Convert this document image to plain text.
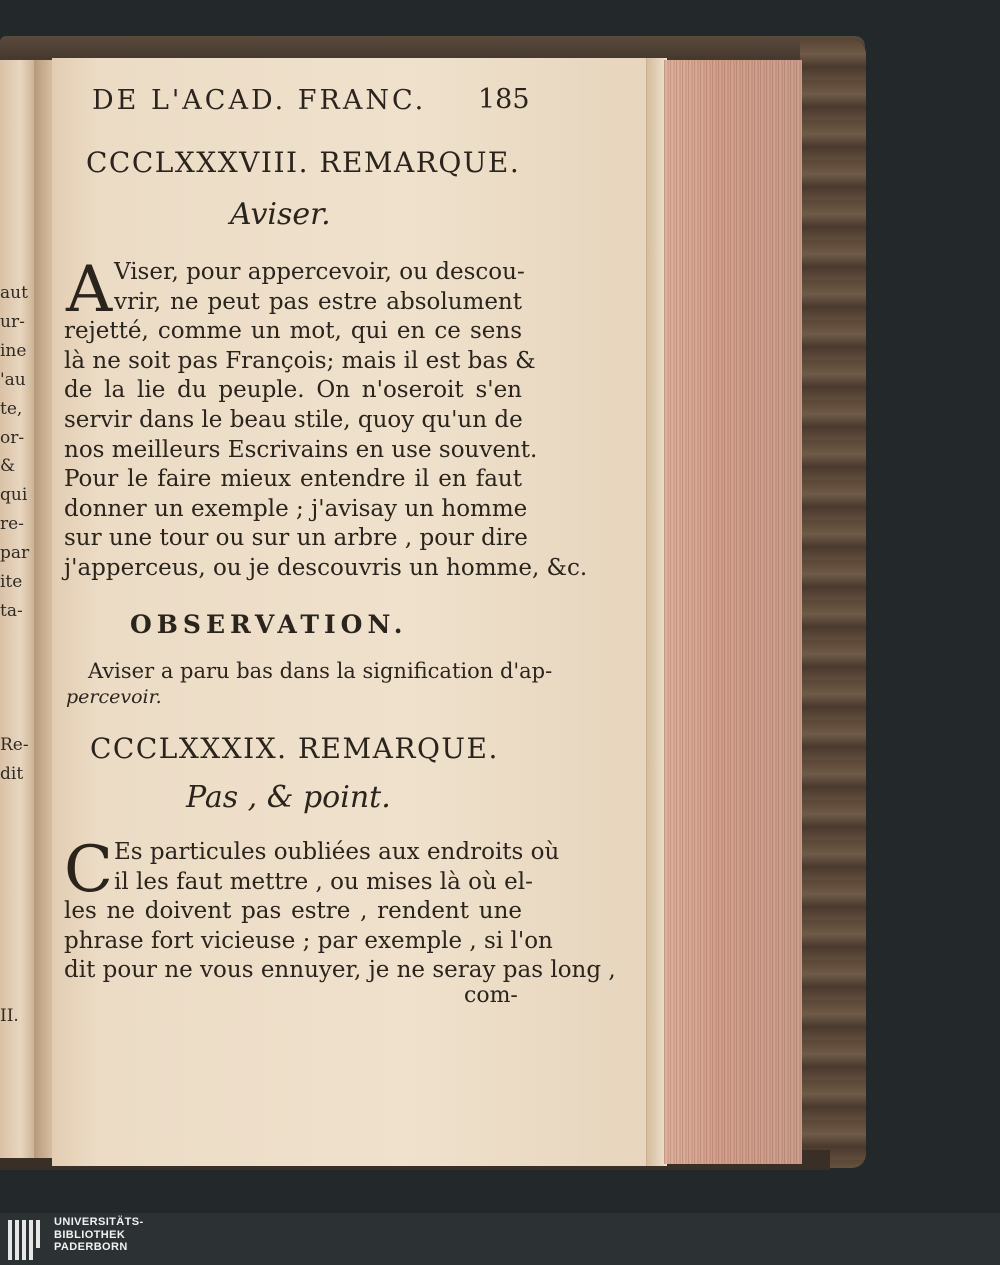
aut
ur-
ine
'au
te,
or-
&
qui
re-
par
ite
ta-
Re-
dit
II.
DE L'ACAD. FRANC. 185
CCCLXXXVIII. REMARQUE.
Aviser.
A Viser, pour appercevoir, ou descou-
vrir, ne peut pas estre absolument
rejetté, comme un mot, qui en ce sens
là ne soit pas François; mais il est bas &
de la lie du peuple. On n'oseroit s'en
servir dans le beau stile, quoy qu'un de
nos meilleurs Escrivains en use souvent.
Pour le faire mieux entendre il en faut
donner un exemple ; j'avisay un homme
sur une tour ou sur un arbre , pour dire
j'apperceus, ou je descouvris un homme, &c.
OBSERVATION.
Aviser a paru bas dans la signification d'ap-
percevoir.
CCCLXXXIX. REMARQUE.
Pas , & point.
C Es particules oubliées aux endroits où
il les faut mettre , ou mises là où el-
les ne doivent pas estre , rendent une
phrase fort vicieuse ; par exemple , si l'on
dit pour ne vous ennuyer, je ne seray pas long ,
com-
UNIVERSITÄTS-
BIBLIOTHEK
PADERBORN
